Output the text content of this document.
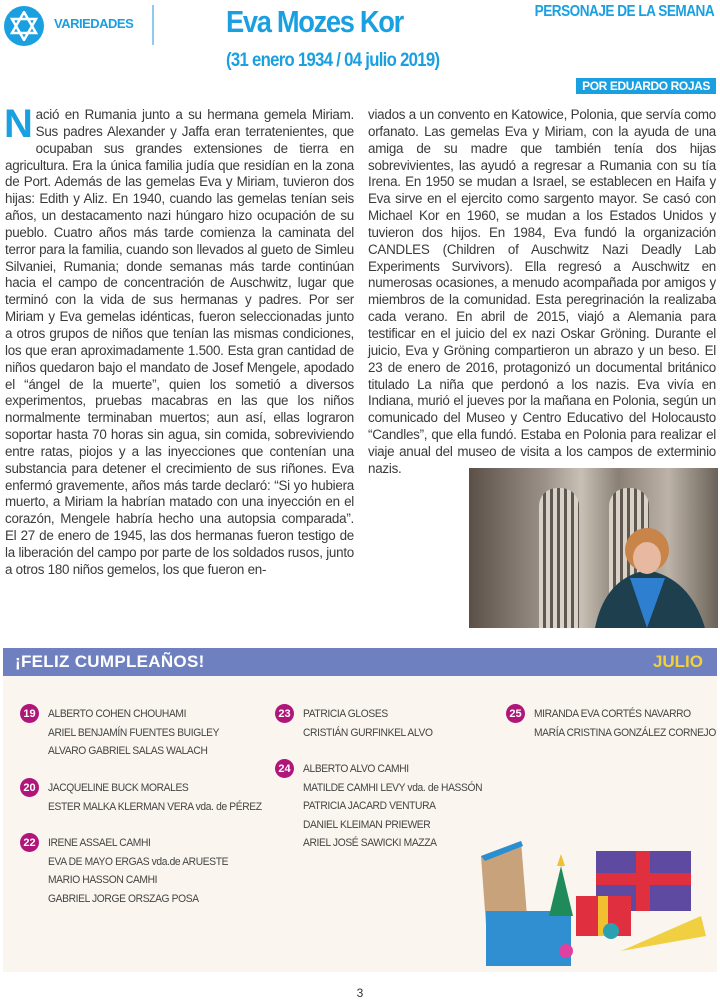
VARIEDADES	Eva Mozes Kor
(31 enero 1934 / 04 julio 2019)
PERSONAJE DE LA SEMANA
POR EDUARDO ROJAS
Nació en Rumania junto a su hermana gemela Miriam. Sus padres Alexander y Jaffa eran terratenientes, que ocupaban sus grandes extensiones de tierra en agricultura. Era la única familia judía que residían en la zona de Port. Además de las gemelas Eva y Miriam, tuvieron dos hijas: Edith y Aliz. En 1940, cuando las gemelas tenían seis años, un destacamento nazi húngaro hizo ocupación de su pueblo. Cuatro años más tarde comienza la caminata del terror para la familia, cuando son llevados al gueto de Simleu Silvaniei, Rumania; donde semanas más tarde continúan hacia el campo de concentración de Auschwitz, lugar que terminó con la vida de sus hermanas y padres. Por ser Miriam y Eva gemelas idénticas, fueron seleccionadas junto a otros grupos de niños que tenían las mismas condiciones, los que eran aproximadamente 1.500. Esta gran cantidad de niños quedaron bajo el mandato de Josef Mengele, apodado el “ángel de la muerte”, quien los sometió a diversos experimentos, pruebas macabras en las que los niños normalmente terminaban muertos; aun así, ellas lograron soportar hasta 70 horas sin agua, sin comida, sobreviviendo entre ratas, piojos y a las inyecciones que contenían una substancia para detener el crecimiento de sus riñones. Eva enfermó gravemente, años más tarde declaró: “Si yo hubiera muerto, a Miriam la habrían matado con una inyección en el corazón, Mengele habría hecho una autopsia comparada”. El 27 de enero de 1945, las dos hermanas fueron testigo de la liberación del campo por parte de los soldados rusos, junto a otros 180 niños gemelos, los que fueron en-
viados a un convento en Katowice, Polonia, que servía como orfanato. Las gemelas Eva y Miriam, con la ayuda de una amiga de su madre que también tenía dos hijas sobrevivientes, las ayudó a regresar a Rumania con su tía Irena. En 1950 se mudan a Israel, se establecen en Haifa y Eva sirve en el ejercito como sargento mayor. Se casó con Michael Kor en 1960, se mudan a los Estados Unidos y tuvieron dos hijos. En 1984, Eva fundó la organización CANDLES (Children of Auschwitz Nazi Deadly Lab Experiments Survivors). Ella regresó a Auschwitz en numerosas ocasiones, a menudo acompañada por amigos y miembros de la comunidad. Esta peregrinación la realizaba cada verano. En abril de 2015, viajó a Alemania para testificar en el juicio del ex nazi Oskar Gröning. Durante el juicio, Eva y Gröning compartieron un abrazo y un beso. El 23 de enero de 2016, protagonizó un documental británico titulado La niña que perdonó a los nazis. Eva vivía en Indiana, murió el jueves por la mañana en Polonia, según un comunicado del Museo y Centro Educativo del Holocausto “Candles”, que ella fundó. Estaba en Polonia para realizar el viaje anual del museo de visita a los campos de exterminio nazis.
¡FELIZ CUMPLEAÑOS!	JULIO
19 ALBERTO COHEN CHOUHAMI
ARIEL BENJAMÍN FUENTES BUIGLEY
ALVARO GABRIEL SALAS WALACH
20 JACQUELINE BUCK MORALES
ESTER MALKA KLERMAN VERA vda. de PÉREZ
22 IRENE ASSAEL CAMHI
EVA DE MAYO ERGAS vda.de ARUESTE
MARIO HASSON CAMHI
GABRIEL JORGE ORSZAG POSA
23 PATRICIA GLOSES
CRISTIÁN GURFINKEL ALVO
24 ALBERTO ALVO CAMHI
MATILDE CAMHI LEVY vda. de HASSÓN
PATRICIA JACARD VENTURA
DANIEL KLEIMAN PRIEWER
ARIEL JOSÉ SAWICKI MAZZA
25 MIRANDA EVA CORTÉS NAVARRO
MARÍA CRISTINA GONZÁLEZ CORNEJO
3
